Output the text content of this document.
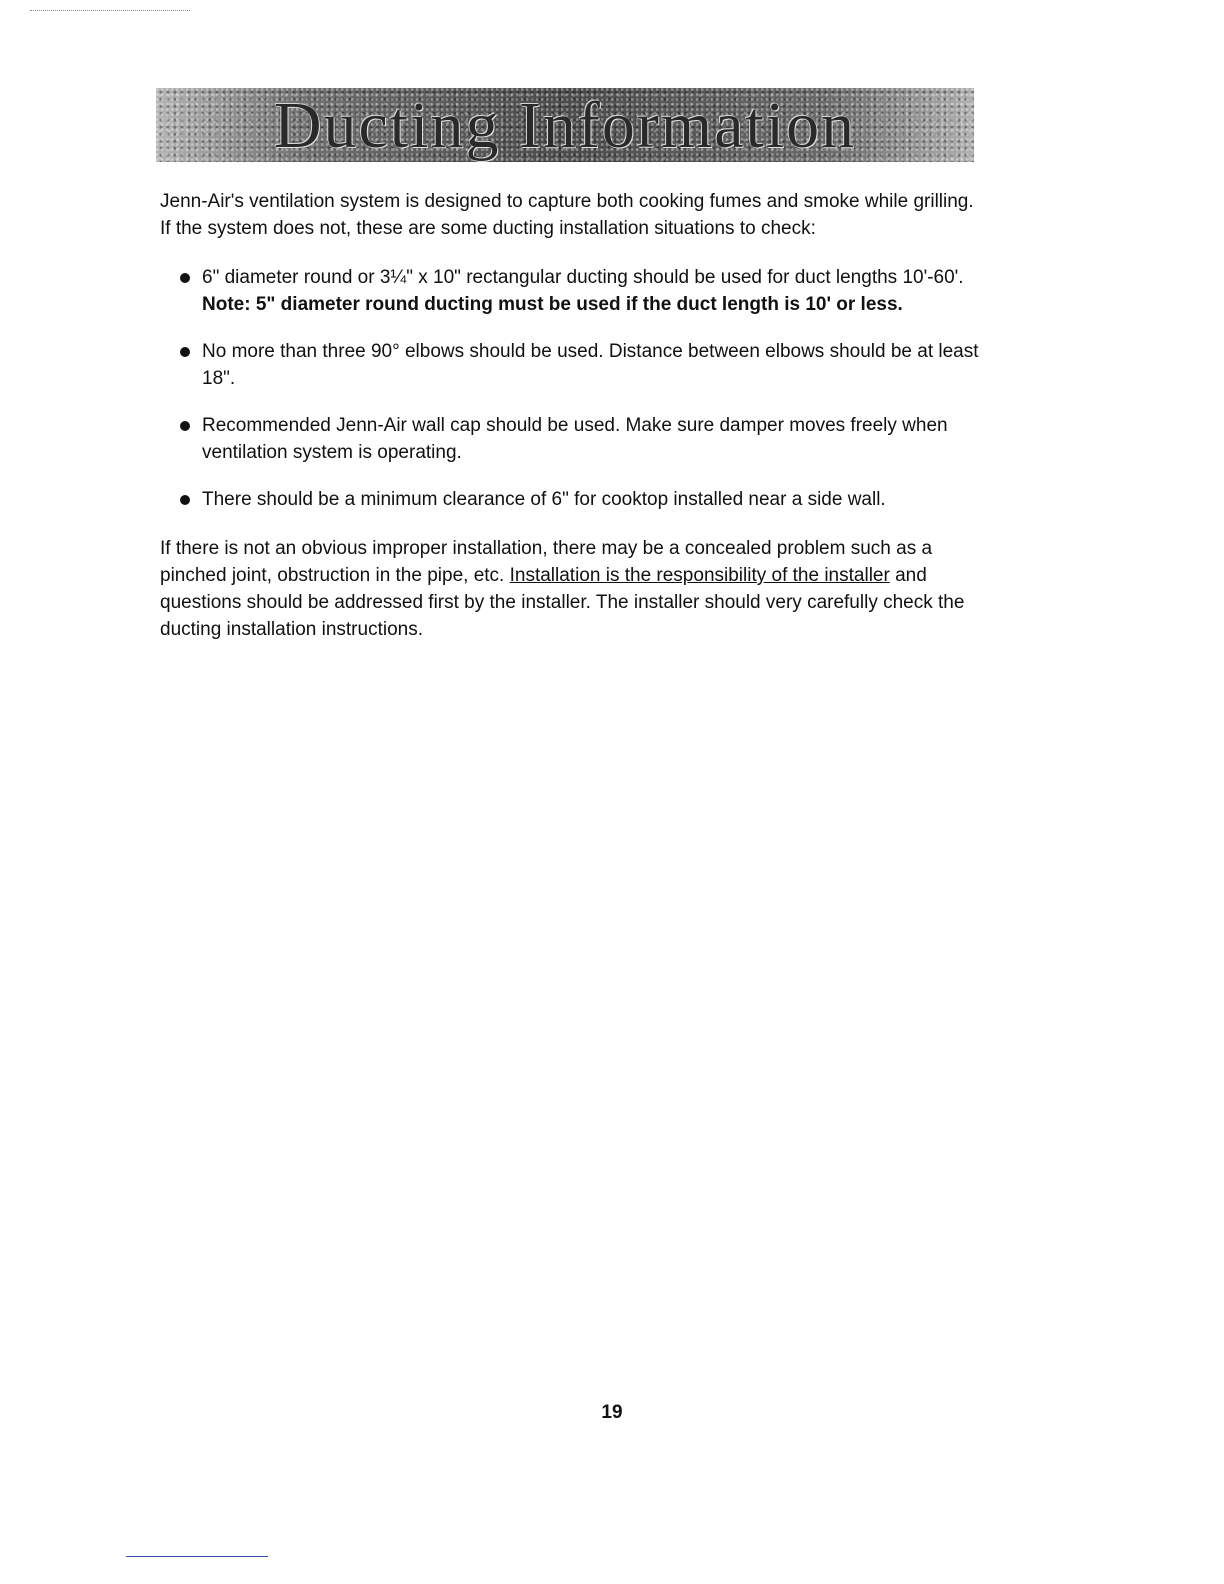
Ducting Information

Jenn-Air's ventilation system is designed to capture both cooking fumes and smoke while grilling. If the system does not, these are some ducting installation situations to check:

6" diameter round or 3¼" x 10" rectangular ducting should be used for duct lengths 10'-60'. Note: 5" diameter round ducting must be used if the duct length is 10' or less.
No more than three 90° elbows should be used. Distance between elbows should be at least 18".
Recommended Jenn-Air wall cap should be used. Make sure damper moves freely when ventilation system is operating.
There should be a minimum clearance of 6" for cooktop installed near a side wall.

If there is not an obvious improper installation, there may be a concealed problem such as a pinched joint, obstruction in the pipe, etc. Installation is the responsibility of the installer and questions should be addressed first by the installer. The installer should very carefully check the ducting installation instructions.

19
